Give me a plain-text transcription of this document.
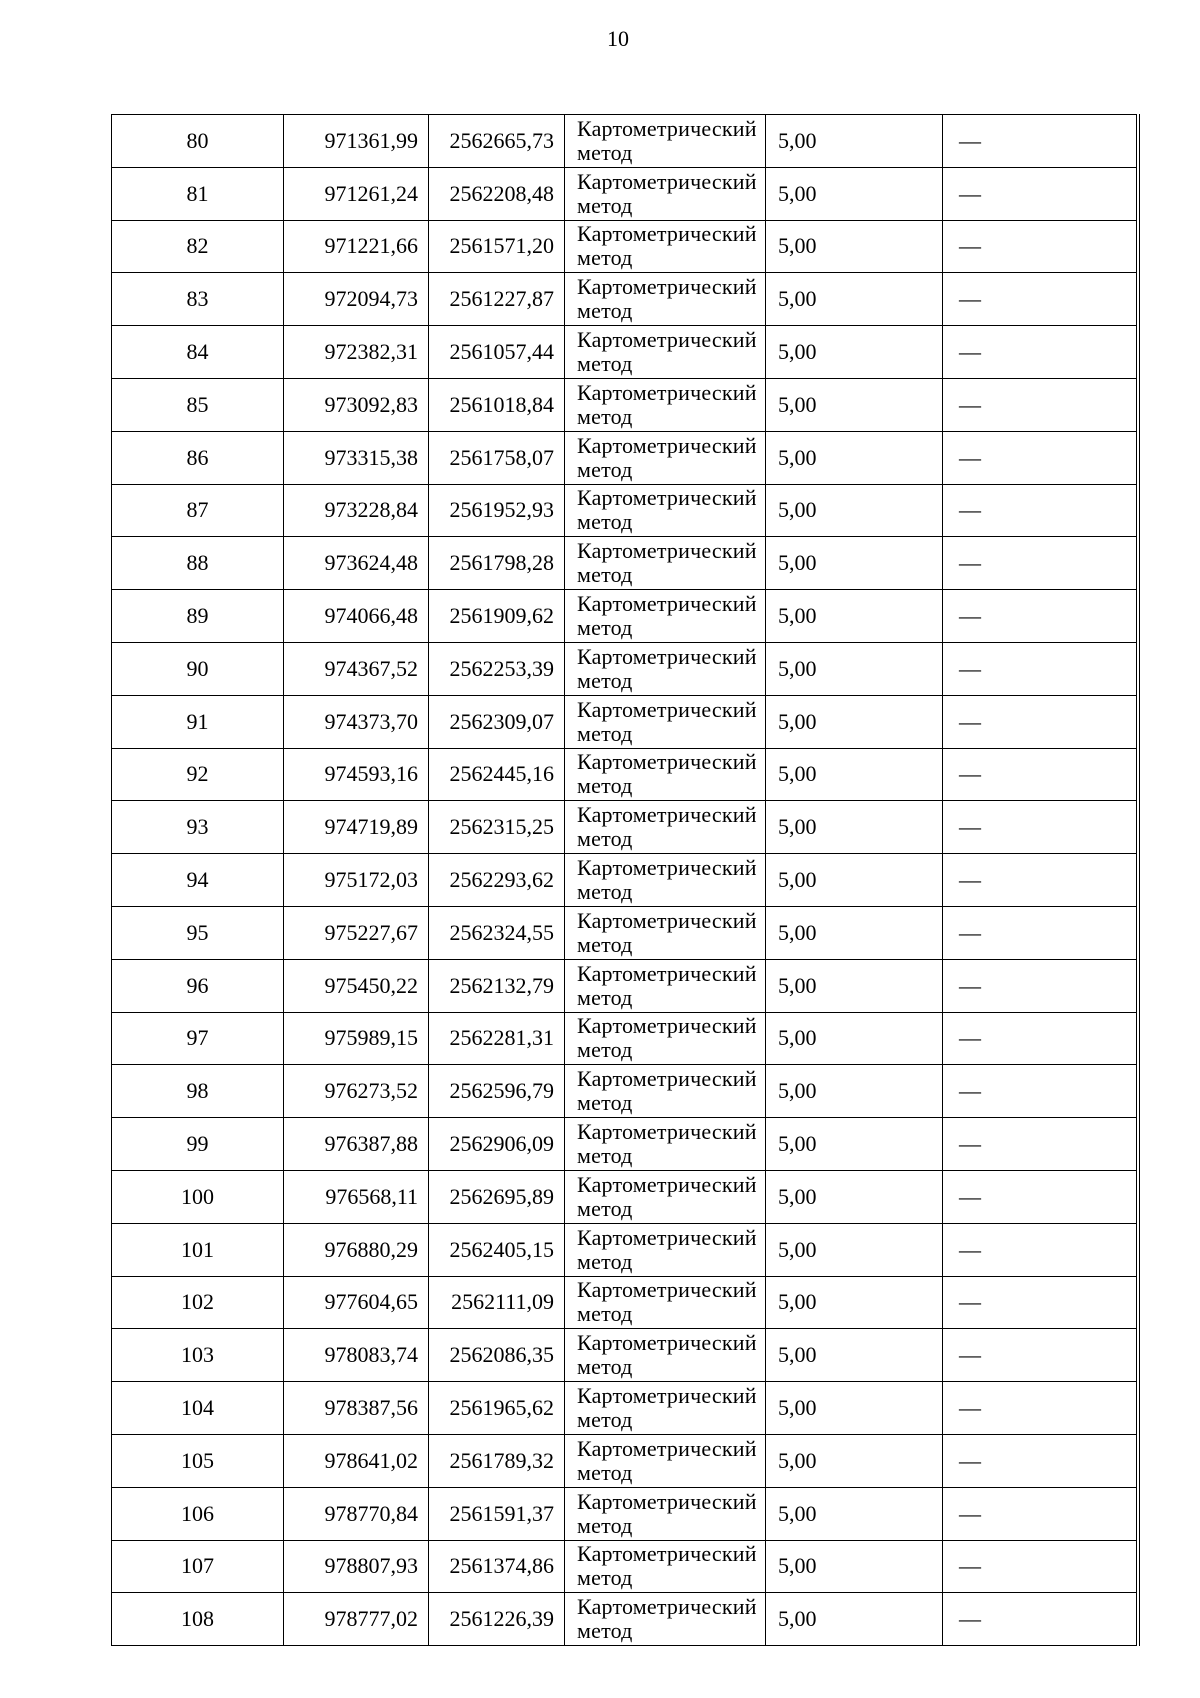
10
80	971361,99	2562665,73	Картометрический метод	5,00	—
81	971261,24	2562208,48	Картометрический метод	5,00	—
82	971221,66	2561571,20	Картометрический метод	5,00	—
83	972094,73	2561227,87	Картометрический метод	5,00	—
84	972382,31	2561057,44	Картометрический метод	5,00	—
85	973092,83	2561018,84	Картометрический метод	5,00	—
86	973315,38	2561758,07	Картометрический метод	5,00	—
87	973228,84	2561952,93	Картометрический метод	5,00	—
88	973624,48	2561798,28	Картометрический метод	5,00	—
89	974066,48	2561909,62	Картометрический метод	5,00	—
90	974367,52	2562253,39	Картометрический метод	5,00	—
91	974373,70	2562309,07	Картометрический метод	5,00	—
92	974593,16	2562445,16	Картометрический метод	5,00	—
93	974719,89	2562315,25	Картометрический метод	5,00	—
94	975172,03	2562293,62	Картометрический метод	5,00	—
95	975227,67	2562324,55	Картометрический метод	5,00	—
96	975450,22	2562132,79	Картометрический метод	5,00	—
97	975989,15	2562281,31	Картометрический метод	5,00	—
98	976273,52	2562596,79	Картометрический метод	5,00	—
99	976387,88	2562906,09	Картометрический метод	5,00	—
100	976568,11	2562695,89	Картометрический метод	5,00	—
101	976880,29	2562405,15	Картометрический метод	5,00	—
102	977604,65	2562111,09	Картометрический метод	5,00	—
103	978083,74	2562086,35	Картометрический метод	5,00	—
104	978387,56	2561965,62	Картометрический метод	5,00	—
105	978641,02	2561789,32	Картометрический метод	5,00	—
106	978770,84	2561591,37	Картометрический метод	5,00	—
107	978807,93	2561374,86	Картометрический метод	5,00	—
108	978777,02	2561226,39	Картометрический метод	5,00	—
